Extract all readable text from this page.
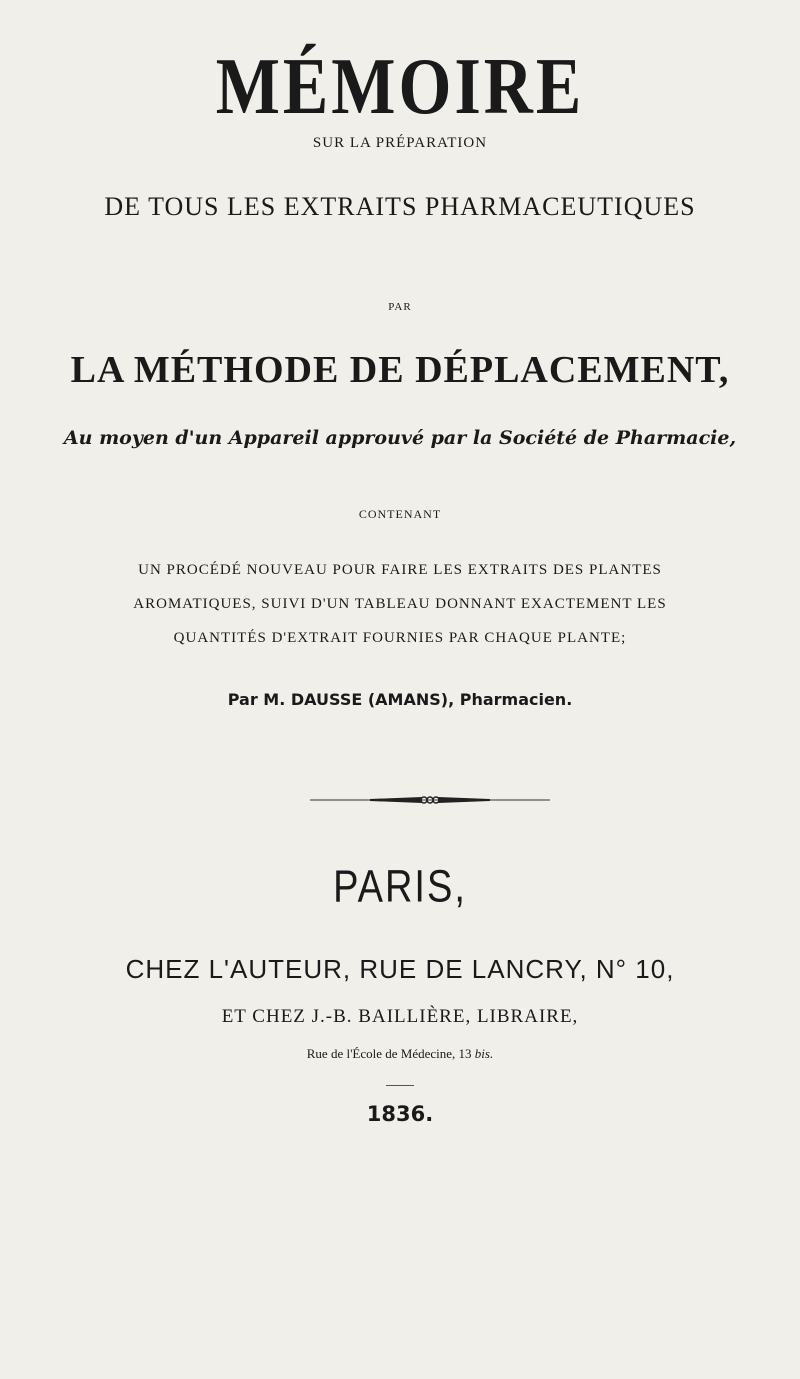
MÉMOIRE
SUR LA PRÉPARATION
DE TOUS LES EXTRAITS PHARMACEUTIQUES
PAR
LA MÉTHODE DE DÉPLACEMENT,
Au moyen d'un Appareil approuvé par la Société de Pharmacie,
CONTENANT
UN PROCÉDÉ NOUVEAU POUR FAIRE LES EXTRAITS DES PLANTES
AROMATIQUES, SUIVI D'UN TABLEAU DONNANT EXACTEMENT LES
QUANTITÉS D'EXTRAIT FOURNIES PAR CHAQUE PLANTE;
Par M. DAUSSE (AMANS), Pharmacien.
PARIS,
CHEZ L'AUTEUR, RUE DE LANCRY, N° 10,
ET CHEZ J.-B. BAILLIÈRE, LIBRAIRE,
Rue de l'École de Médecine, 13 bis.
1836.
